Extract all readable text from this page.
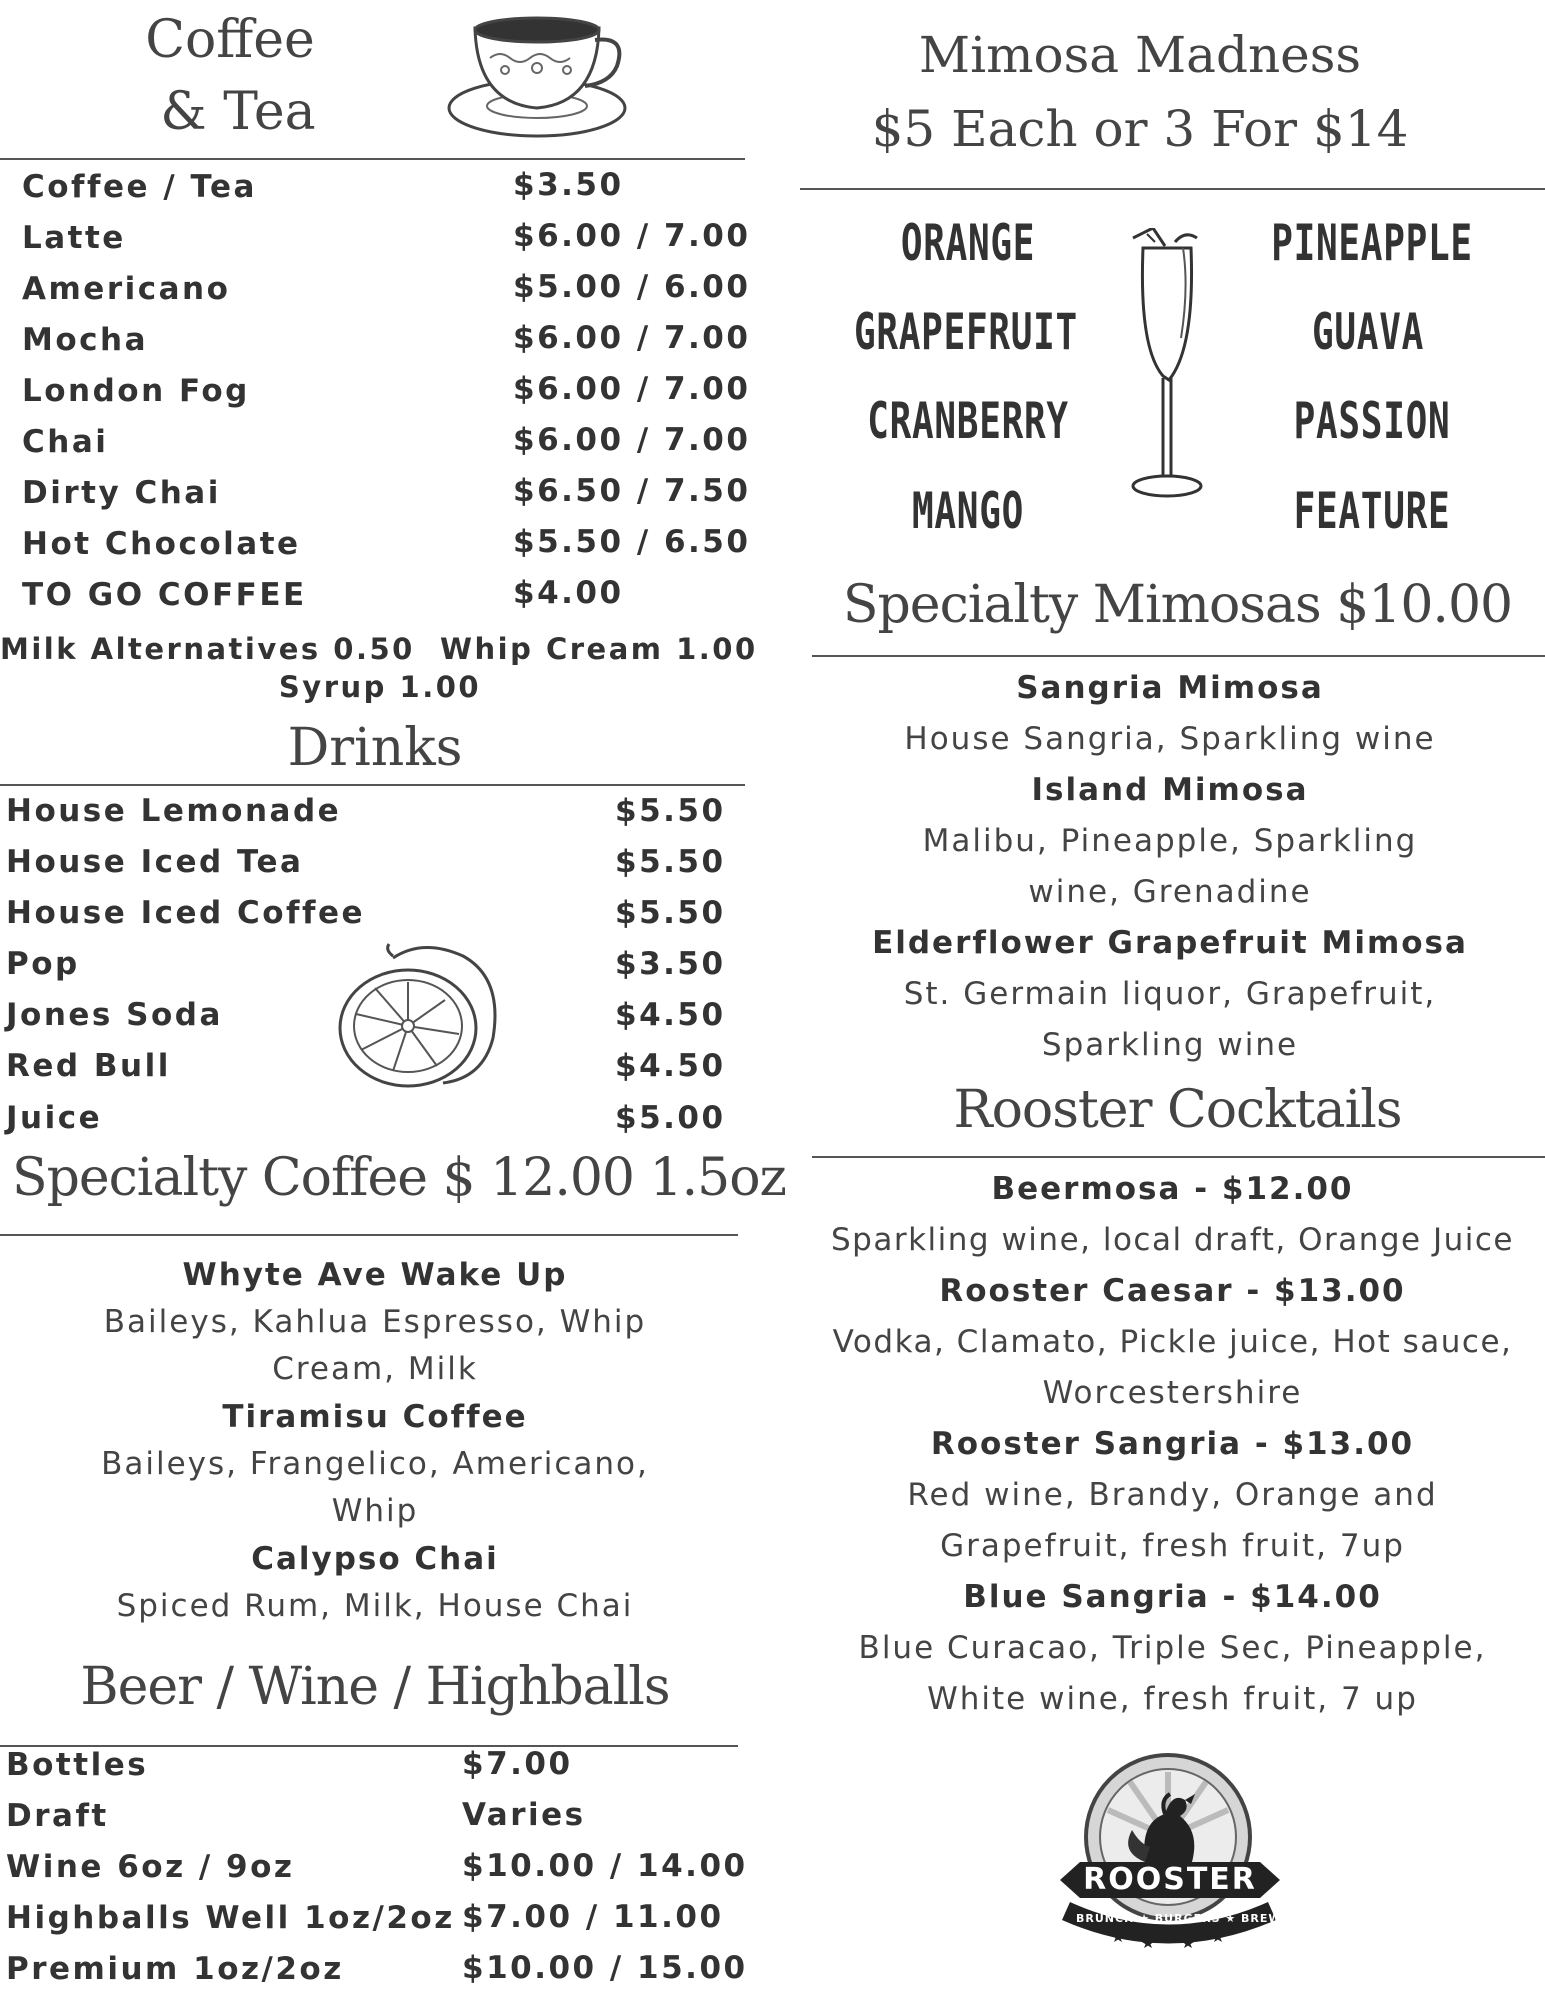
Coffee
& Tea
Coffee / Tea	$3.50
Latte	$6.00 / 7.00
Americano	$5.00 / 6.00
Mocha	$6.00 / 7.00
London Fog	$6.00 / 7.00
Chai	$6.00 / 7.00
Dirty Chai	$6.50 / 7.50
Hot Chocolate	$5.50 / 6.50
TO GO COFFEE	$4.00
Milk Alternatives 0.50  Whip Cream 1.00
Syrup 1.00
Drinks
House Lemonade	$5.50
House Iced Tea	$5.50
House Iced Coffee	$5.50
Pop	$3.50
Jones Soda	$4.50
Red Bull	$4.50
Juice	$5.00
Specialty Coffee $ 12.00 1.5oz
Whyte Ave Wake Up
Baileys, Kahlua Espresso, Whip
Cream, Milk
Tiramisu Coffee
Baileys, Frangelico, Americano,
Whip
Calypso Chai
Spiced Rum, Milk, House Chai
Beer / Wine / Highballs
Bottles	$7.00
Draft	Varies
Wine 6oz / 9oz	$10.00 / 14.00
Highballs Well 1oz/2oz $7.00 / 11.00
Premium 1oz/2oz	$10.00 / 15.00
Mimosa Madness
$5 Each or 3 For $14
ORANGE
GRAPEFRUIT
CRANBERRY
MANGO
PINEAPPLE
GUAVA
PASSION
FEATURE
Specialty Mimosas $10.00
Sangria Mimosa
House Sangria, Sparkling wine
Island Mimosa
Malibu, Pineapple, Sparkling
wine, Grenadine
Elderflower Grapefruit Mimosa
St. Germain liquor, Grapefruit,
Sparkling wine
Rooster Cocktails
Beermosa - $12.00
Sparkling wine, local draft, Orange Juice
Rooster Caesar - $13.00
Vodka, Clamato, Pickle juice, Hot sauce,
Worcestershire
Rooster Sangria - $13.00
Red wine, Brandy, Orange and
Grapefruit, fresh fruit, 7up
Blue Sangria - $14.00
Blue Curacao, Triple Sec, Pineapple,
White wine, fresh fruit, 7 up
ROOSTER
BRUNCH ★ BURGERS ★ BREWS
